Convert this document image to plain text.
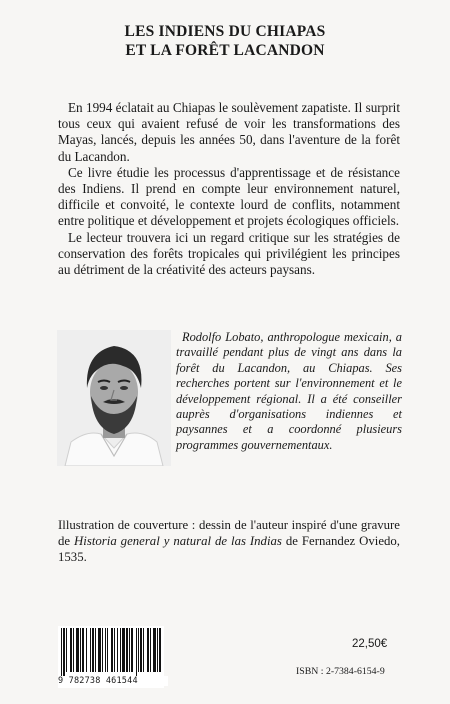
LES INDIENS DU CHIAPAS
ET LA FORÊT LACANDON

En 1994 éclatait au Chiapas le soulèvement zapatiste. Il surprit tous ceux qui avaient refusé de voir les transformations des Mayas, lancés, depuis les années 50, dans l'aventure de la forêt du Lacandon.

Ce livre étudie les processus d'apprentissage et de résistance des Indiens. Il prend en compte leur environnement naturel, difficile et convoité, le contexte lourd de conflits, notamment entre politique et développement et projets écologiques officiels.

Le lecteur trouvera ici un regard critique sur les stratégies de conservation des forêts tropicales qui privilégient les principes au détriment de la créativité des acteurs paysans.

Rodolfo Lobato, anthropologue mexicain, a travaillé pendant plus de vingt ans dans la forêt du Lacandon, au Chiapas. Ses recherches portent sur l'environnement et le développement régional. Il a été conseiller auprès d'organisations indiennes et paysannes et a coordonné plusieurs programmes gouvernementaux.

Illustration de couverture : dessin de l'auteur inspiré d'une gravure de Historia general y natural de las Indias de Fernandez Oviedo, 1535.

9 782738 461544
22,50€
ISBN : 2-7384-6154-9
